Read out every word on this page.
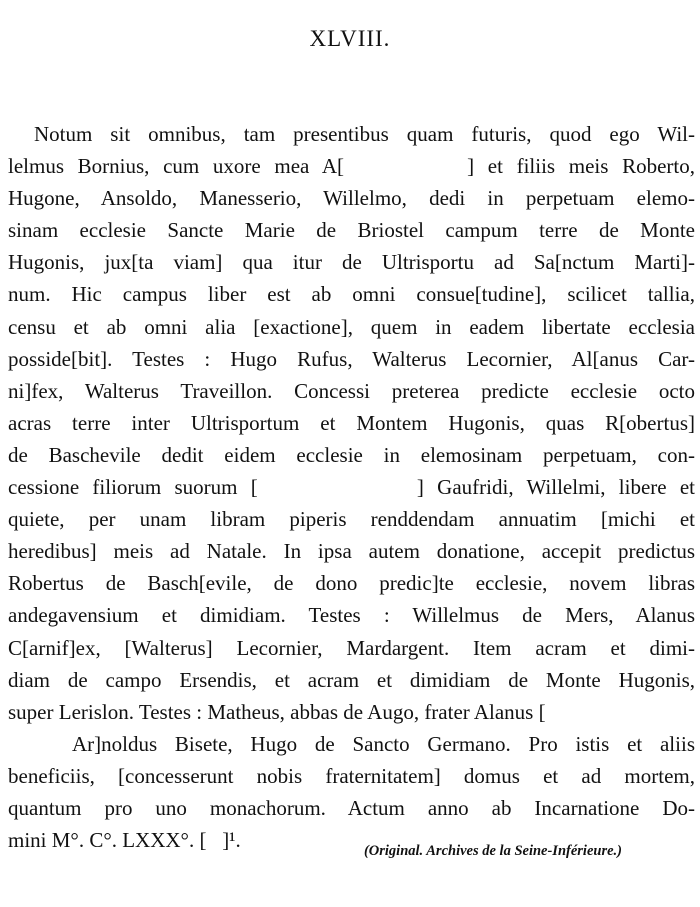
XLVIII.
Notum sit omnibus, tam presentibus quam futuris, quod ego Wil-
lelmus Bornius, cum uxore mea A[         ] et filiis meis Roberto,
Hugone, Ansoldo, Manesserio, Willelmo, dedi in perpetuam elemo-
sinam ecclesie Sancte Marie de Briostel campum terre de Monte
Hugonis, jux[ta viam] qua itur de Ultrisportu ad Sa[nctum Marti]-
num. Hic campus liber est ab omni consue[tudine], scilicet tallia,
censu et ab omni alia [exactione], quem in eadem libertate ecclesia
posside[bit]. Testes : Hugo Rufus, Walterus Lecornier, Al[anus Car-
ni]fex, Walterus Traveillon. Concessi preterea predicte ecclesie octo
acras terre inter Ultrisportum et Montem Hugonis, quas R[obertus]
de Baschevile dedit eidem ecclesie in elemosinam perpetuam, con-
cessione filiorum suorum [            ] Gaufridi, Willelmi, libere et
quiete, per unam libram piperis renddendam annuatim [michi et
heredibus] meis ad Natale. In ipsa autem donatione, accepit predictus
Robertus de Basch[evile, de dono predic]te ecclesie, novem libras
andegavensium et dimidiam. Testes : Willelmus de Mers, Alanus
C[arnif]ex, [Walterus] Lecornier, Mardargent. Item acram et dimi-
diam de campo Ersendis, et acram et dimidiam de Monte Hugonis,
super Lerislon. Testes : Matheus, abbas de Augo, frater Alanus [
Ar]noldus Bisete, Hugo de Sancto Germano. Pro istis et aliis
beneficiis, [concesserunt nobis fraternitatem] domus et ad mortem,
quantum pro uno monachorum. Actum anno ab Incarnatione Do-
mini M°. C°. LXXX°. [   ]¹.	(Original. Archives de la Seine-Inférieure.)
